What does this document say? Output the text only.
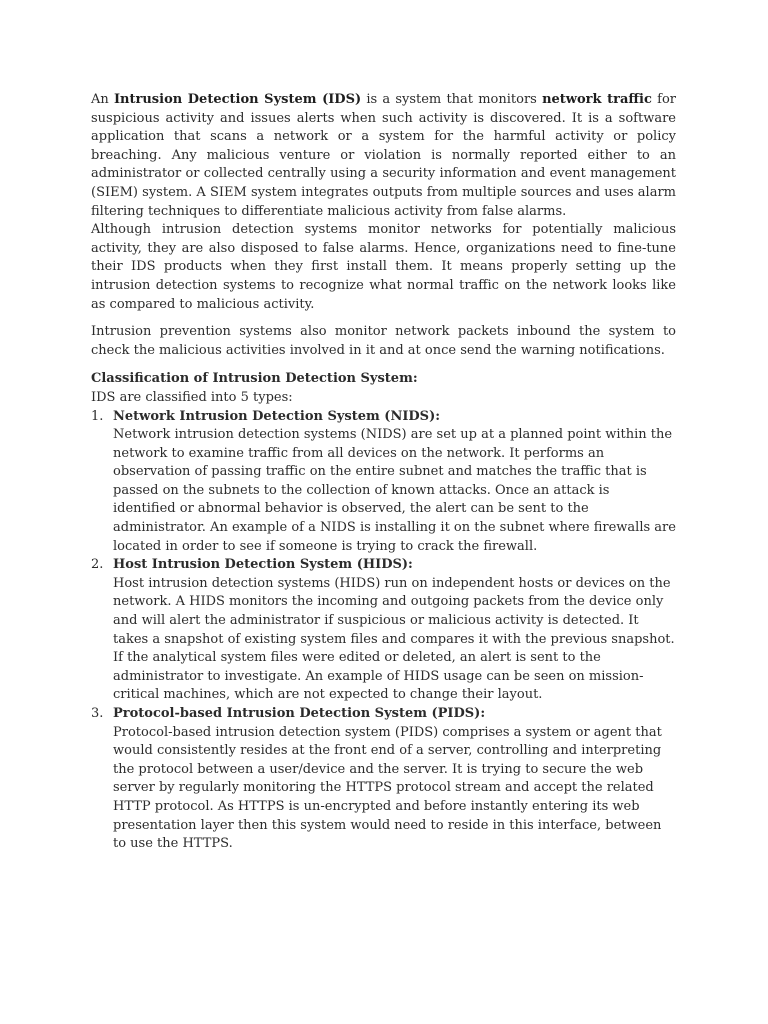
An Intrusion Detection System (IDS) is a system that monitors network traffic for suspicious activity and issues alerts when such activity is discovered. It is a software application that scans a network or a system for the harmful activity or policy breaching. Any malicious venture or violation is normally reported either to an administrator or collected centrally using a security information and event management (SIEM) system. A SIEM system integrates outputs from multiple sources and uses alarm filtering techniques to differentiate malicious activity from false alarms.

Although intrusion detection systems monitor networks for potentially malicious activity, they are also disposed to false alarms. Hence, organizations need to fine-tune their IDS products when they first install them. It means properly setting up the intrusion detection systems to recognize what normal traffic on the network looks like as compared to malicious activity.

Intrusion prevention systems also monitor network packets inbound the system to check the malicious activities involved in it and at once send the warning notifications.

Classification of Intrusion Detection System:

IDS are classified into 5 types:

1. Network Intrusion Detection System (NIDS):

Network intrusion detection systems (NIDS) are set up at a planned point within the network to examine traffic from all devices on the network. It performs an observation of passing traffic on the entire subnet and matches the traffic that is passed on the subnets to the collection of known attacks. Once an attack is identified or abnormal behavior is observed, the alert can be sent to the administrator. An example of a NIDS is installing it on the subnet where firewalls are located in order to see if someone is trying to crack the firewall.

2. Host Intrusion Detection System (HIDS):

Host intrusion detection systems (HIDS) run on independent hosts or devices on the network. A HIDS monitors the incoming and outgoing packets from the device only and will alert the administrator if suspicious or malicious activity is detected. It takes a snapshot of existing system files and compares it with the previous snapshot. If the analytical system files were edited or deleted, an alert is sent to the administrator to investigate. An example of HIDS usage can be seen on mission-critical machines, which are not expected to change their layout.

3. Protocol-based Intrusion Detection System (PIDS):

Protocol-based intrusion detection system (PIDS) comprises a system or agent that would consistently resides at the front end of a server, controlling and interpreting the protocol between a user/device and the server. It is trying to secure the web server by regularly monitoring the HTTPS protocol stream and accept the related HTTP protocol. As HTTPS is un-encrypted and before instantly entering its web presentation layer then this system would need to reside in this interface, between to use the HTTPS.
